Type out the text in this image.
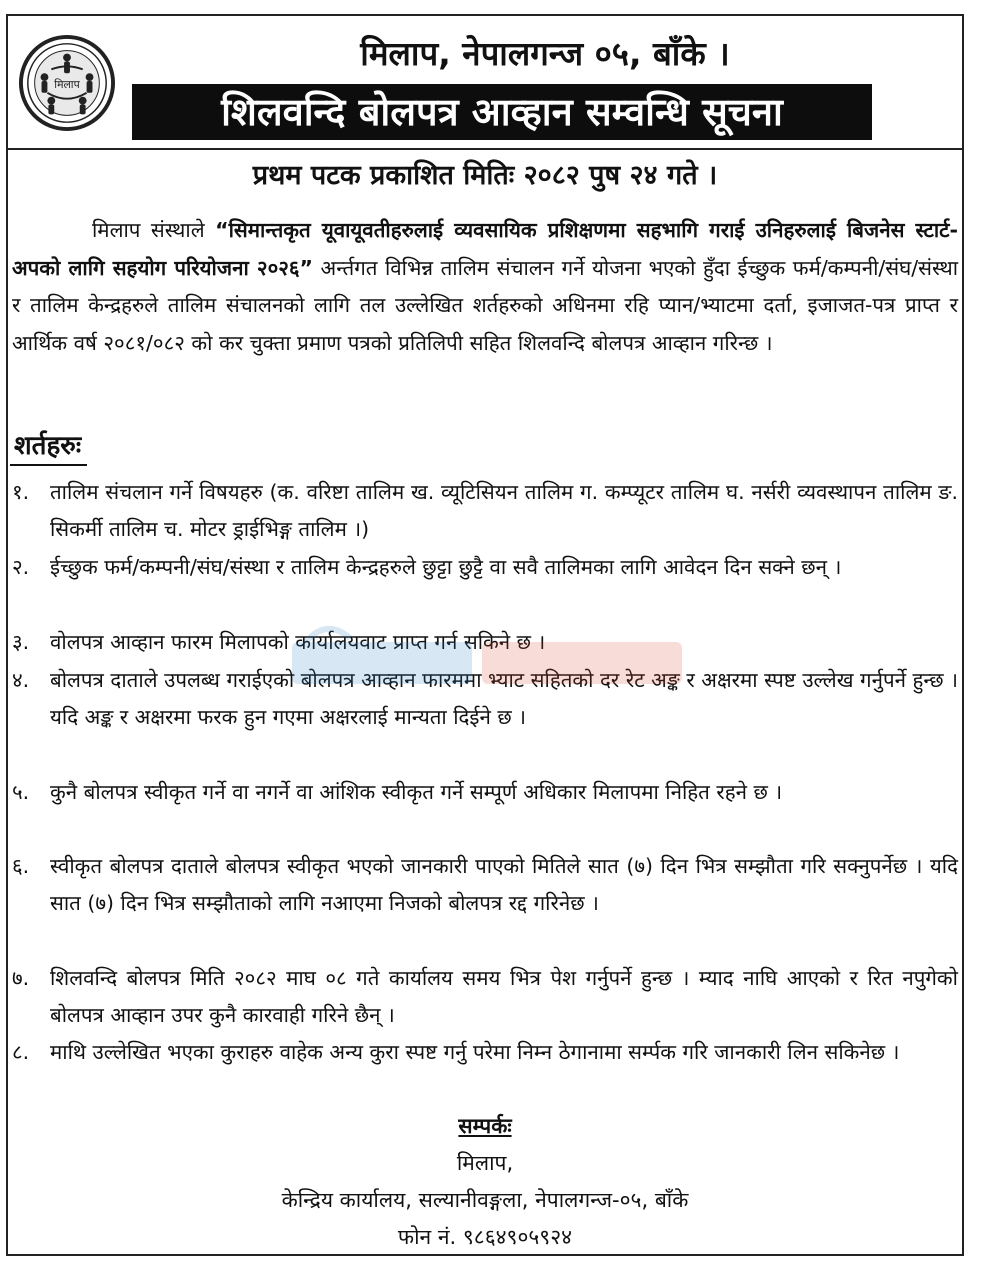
मिलाप
मिलाप, नेपालगन्ज ०५, बाँके ।
शिलवन्दि बोलपत्र आव्हान सम्वन्धि सूचना
प्रथम पटक प्रकाशित मितिः २०८२ पुष २४ गते ।

मिलाप संस्थाले “सिमान्तकृत यूवायूवतीहरुलाई व्यवसायिक प्रशिक्षणमा सहभागि गराई उनिहरुलाई बिजनेस स्टार्ट-अपको लागि सहयोग परियोजना २०२६” अर्न्तगत विभिन्न तालिम संचालन गर्ने योजना भएको हुँदा ईच्छुक फर्म/कम्पनी/संघ/संस्था र तालिम केन्द्रहरुले तालिम संचालनको लागि तल उल्लेखित शर्तहरुको अधिनमा रहि प्यान/भ्याटमा दर्ता, इजाजत-पत्र प्राप्त र आर्थिक वर्ष २०८१/०८२ को कर चुक्ता प्रमाण पत्रको प्रतिलिपी सहित शिलवन्दि बोलपत्र आव्हान गरिन्छ ।

शर्तहरुः
१.	तालिम संचलान गर्ने विषयहरु (क. वरिष्टा तालिम ख. व्यूटिसियन तालिम ग. कम्प्यूटर तालिम घ. नर्सरी व्यवस्थापन तालिम ङ. सिकर्मी तालिम च. मोटर ड्राईभिङ्ग तालिम ।)
२.	ईच्छुक फर्म/कम्पनी/संघ/संस्था र तालिम केन्द्रहरुले छुट्टा छुट्टै वा सवै तालिमका लागि आवेदन दिन सक्ने छन् ।
३.	वोलपत्र आव्हान फारम मिलापको कार्यालयवाट प्राप्त गर्न सकिने छ ।
४.	बोलपत्र दाताले उपलब्ध गराईएको बोलपत्र आव्हान फारममा भ्याट सहितको दर रेट अङ्क र अक्षरमा स्पष्ट उल्लेख गर्नुपर्ने हुन्छ । यदि अङ्क र अक्षरमा फरक हुन गएमा अक्षरलाई मान्यता दिईने छ ।
५.	कुनै बोलपत्र स्वीकृत गर्ने वा नगर्ने वा आंशिक स्वीकृत गर्ने सम्पूर्ण अधिकार मिलापमा निहित रहने छ ।
६.	स्वीकृत बोलपत्र दाताले बोलपत्र स्वीकृत भएको जानकारी पाएको मितिले सात (७) दिन भित्र सम्झौता गरि सक्नुपर्नेछ । यदि सात (७) दिन भित्र सम्झौताको लागि नआएमा निजको बोलपत्र रद्द गरिनेछ ।
७.	शिलवन्दि बोलपत्र मिति २०८२ माघ ०८ गते कार्यालय समय भित्र पेश गर्नुपर्ने हुन्छ । म्याद नाघि आएको र रित नपुगेको बोलपत्र आव्हान उपर कुनै कारवाही गरिने छैन् ।
८.	माथि उल्लेखित भएका कुराहरु वाहेक अन्य कुरा स्पष्ट गर्नु परेमा निम्न ठेगानामा सर्म्पक गरि जानकारी लिन सकिनेछ ।
सम्पर्कः
मिलाप,
केन्द्रिय कार्यालय, सल्यानीवङ्गला, नेपालगन्ज-०५, बाँके
फोन नं. ९८६४९०५९२४
